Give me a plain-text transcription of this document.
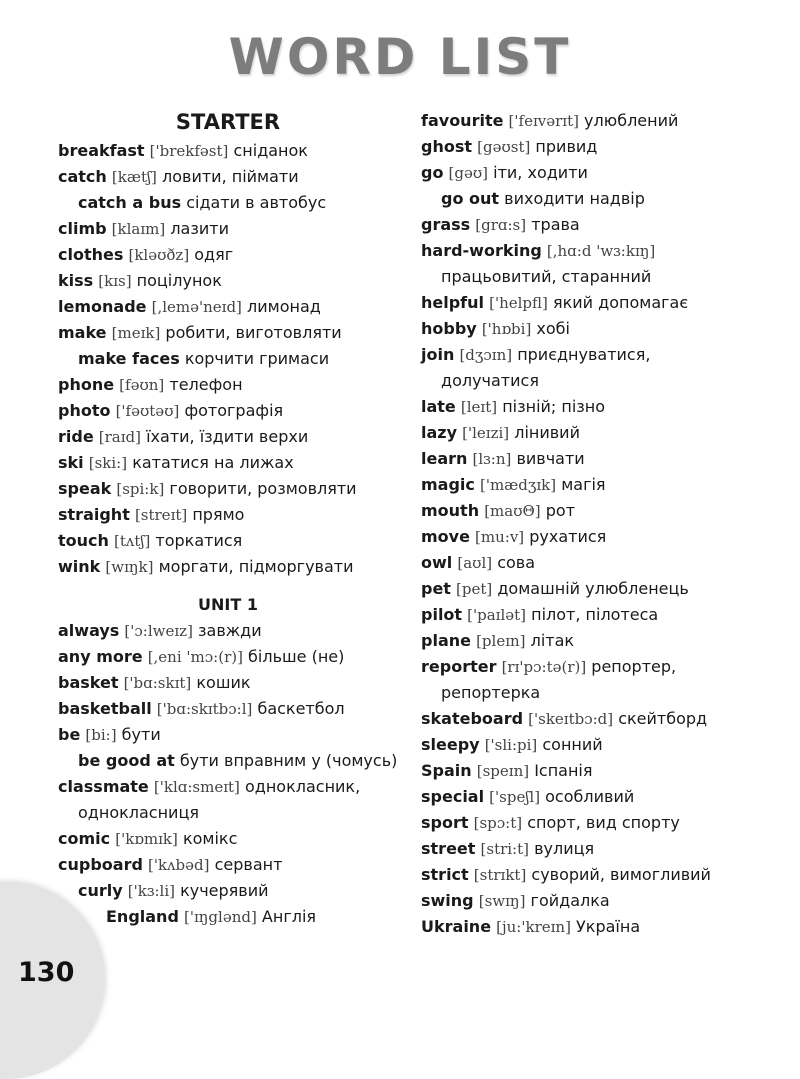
WORD LIST
STARTER
breakfast ['brekfəst] сніданок
catch [kætʃ] ловити, піймати
catch a bus сідати в автобус
climb [klaɪm] лазити
clothes [kləʊðz] одяг
kiss [kɪs] поцілунок
lemonade [,lemə'neɪd] лимонад
make [meɪk] робити, виготовляти
make faces корчити гримаси
phone [fəʊn] телефон
photo ['fəʊtəʊ] фотографія
ride [raɪd] їхати, їздити верхи
ski [ski:] кататися на лижах
speak [spi:k] говорити, розмовляти
straight [streɪt] прямо
touch [tʌtʃ] торкатися
wink [wɪŋk] моргати, підморгувати
UNIT 1
always ['ɔ:lweɪz] завжди
any more [,eni 'mɔ:(r)] більше (не)
basket ['bɑ:skɪt] кошик
basketball ['bɑ:skɪtbɔ:l] баскетбол
be [bi:] бути
be good at бути вправним у (чомусь)
classmate ['klɑ:smeɪt] однокласник,
однокласниця
comic ['kɒmɪk] комікс
cupboard ['kʌbəd] сервант
curly ['kɜ:li] кучерявий
England ['ɪŋglənd] Англія
favourite ['feɪvərɪt] улюблений
ghost [gəʊst] привид
go [gəʊ] іти, ходити
go out виходити надвір
grass [grɑ:s] трава
hard-working [,hɑ:d 'wɜ:kɪŋ]
працьовитий, старанний
helpful ['helpfl] який допомагає
hobby ['hɒbi] хобі
join [dʒɔɪn] приєднуватися,
долучатися
late [leɪt] пізній; пізно
lazy ['leɪzi] лінивий
learn [lɜ:n] вивчати
magic ['mædʒɪk] магія
mouth [maʊΘ] рот
move [mu:v] рухатися
owl [aʊl] сова
pet [pet] домашній улюбленець
pilot ['paɪlət] пілот, пілотеса
plane [pleɪn] літак
reporter [rɪ'pɔ:tə(r)] репортер,
репортерка
skateboard ['skeɪtbɔ:d] скейтборд
sleepy ['sli:pi] сонний
Spain [speɪn] Іспанія
special ['speʃl] особливий
sport [spɔ:t] спорт, вид спорту
street [stri:t] вулиця
strict [strɪkt] суворий, вимогливий
swing [swɪŋ] гойдалка
Ukraine [ju:'kreɪn] Україна
130
